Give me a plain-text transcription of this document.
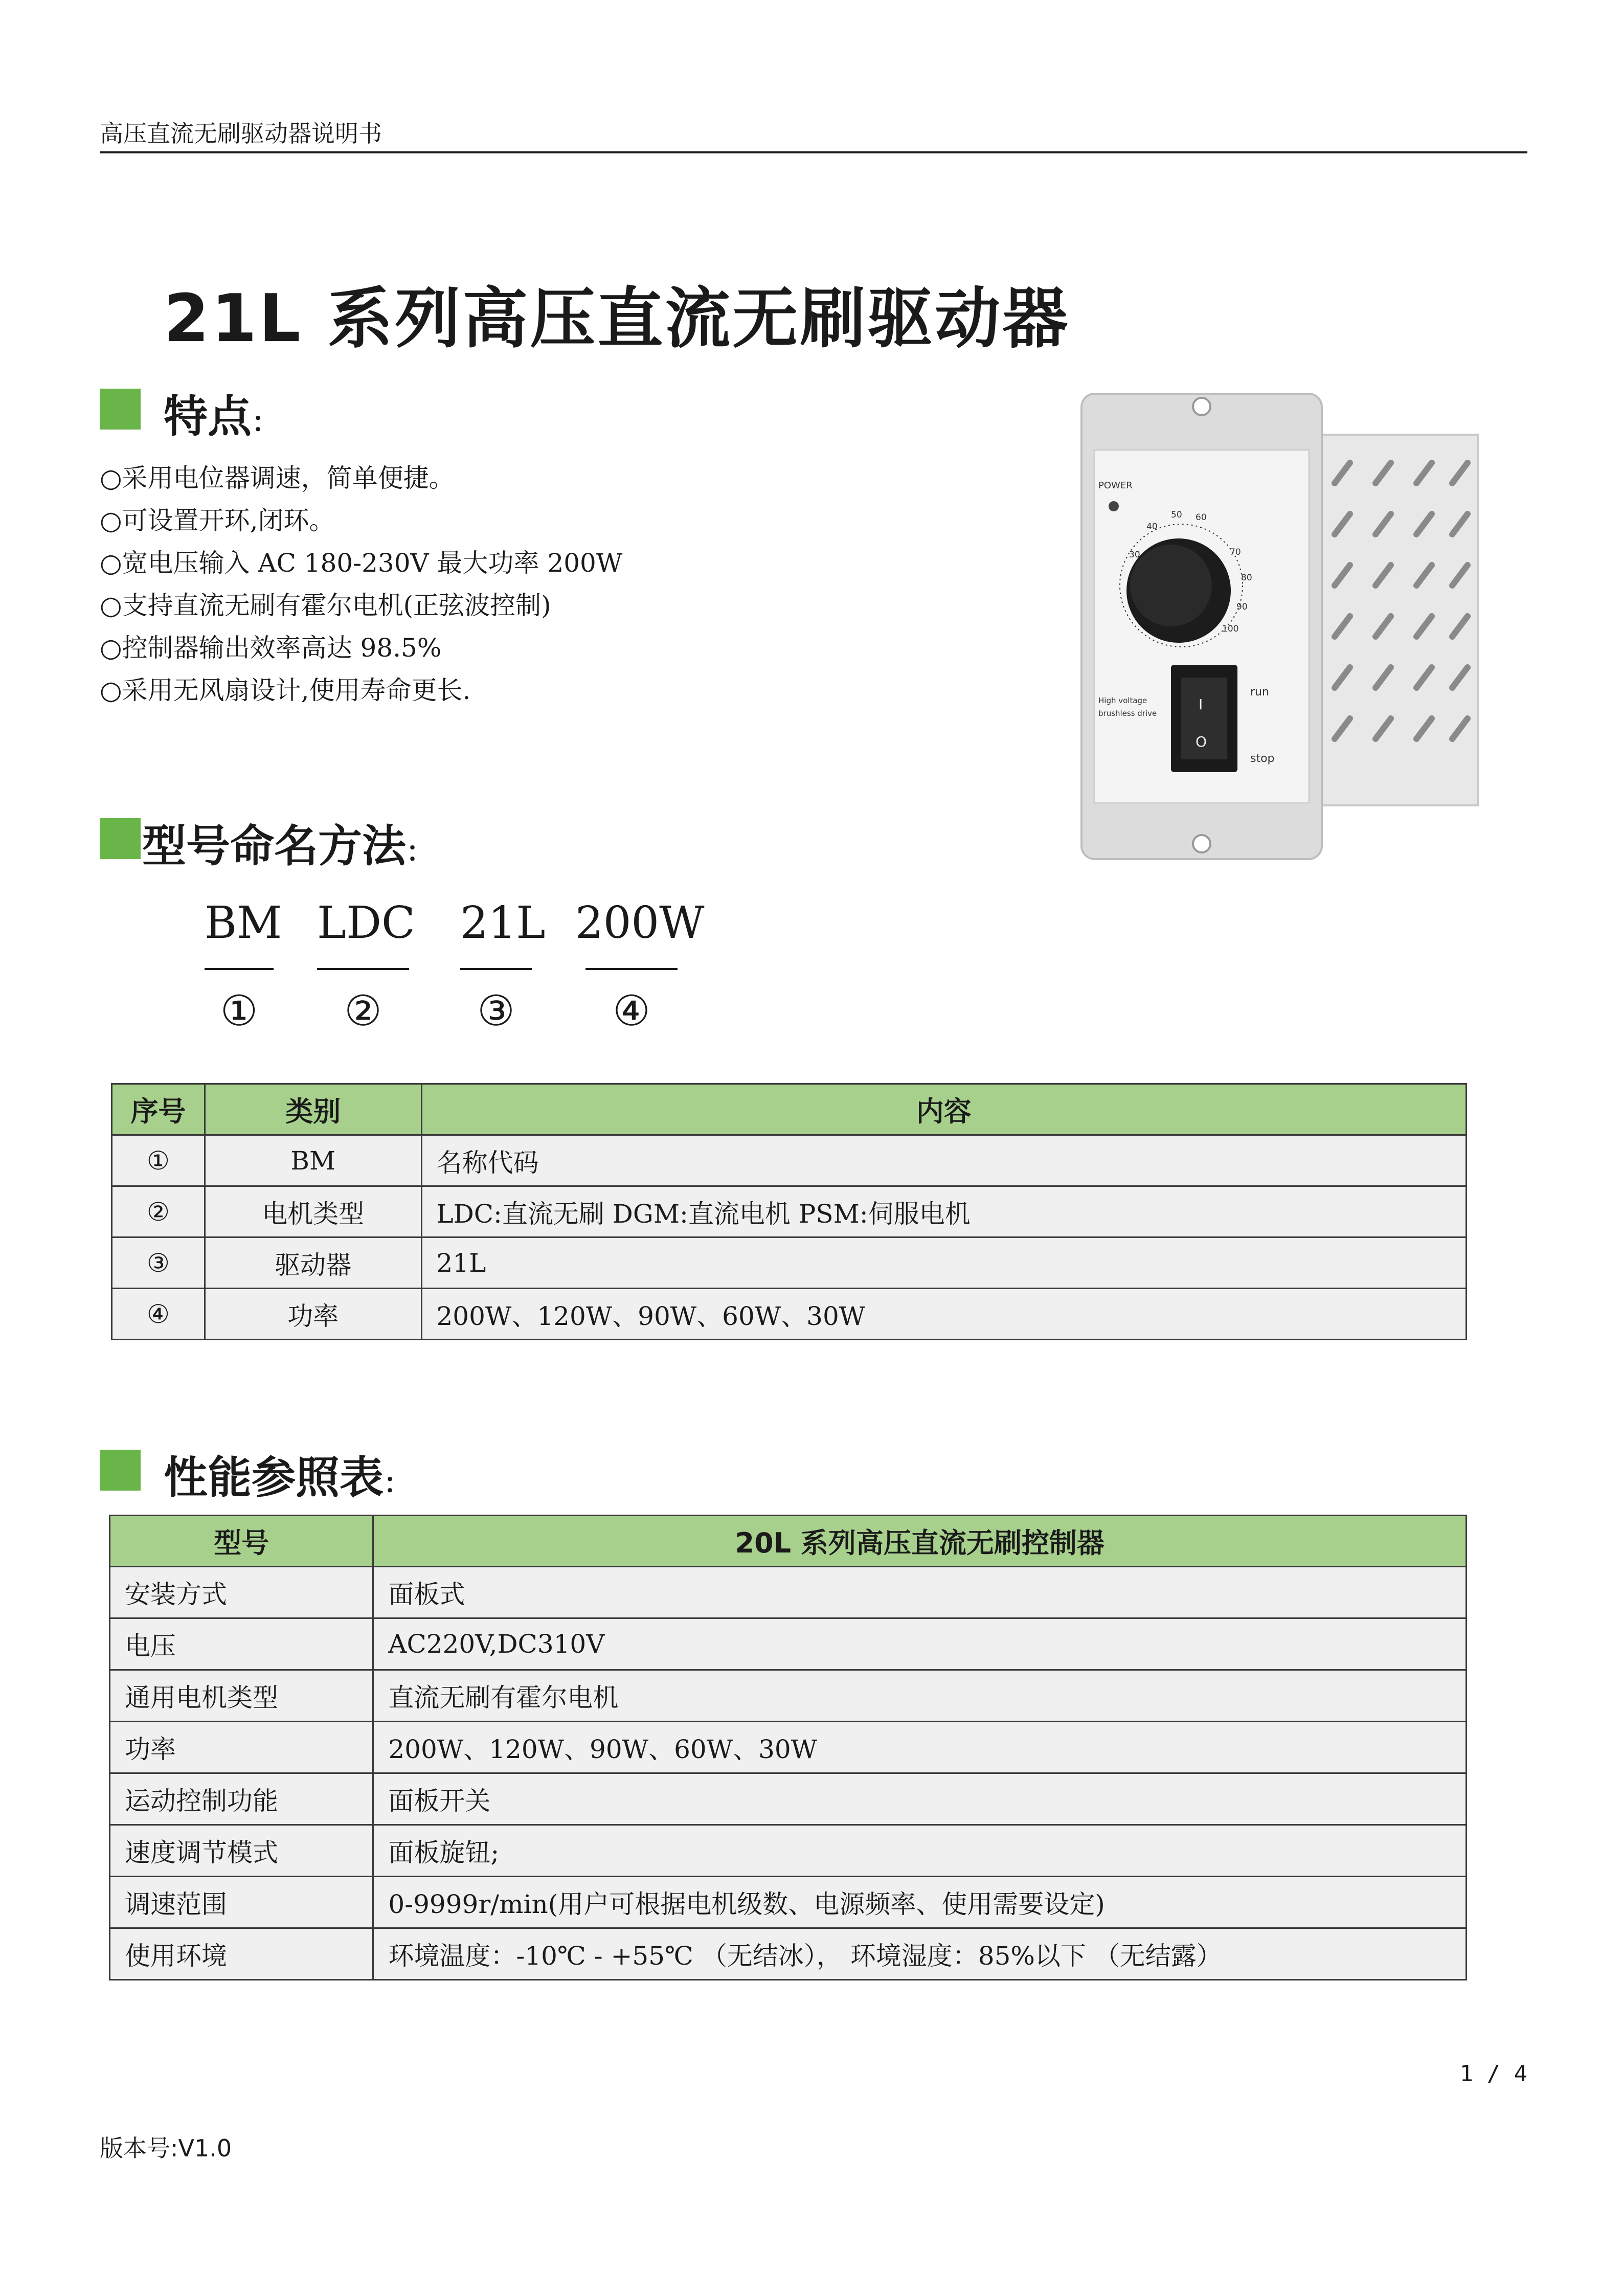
高压直流无刷驱动器说明书
21L 系列高压直流无刷驱动器
特点：
○采用电位器调速，简单便捷。
○可设置开环,闭环。
○宽电压输入 AC 180-230V 最大功率 200W
○支持直流无刷有霍尔电机(正弦波控制)
○控制器输出效率高达 98.5%
○采用无风扇设计,使用寿命更长.
POWER
30
40
50 60
70
80
90
100
run
stop
High voltage
brushless drive
I
O
型号命名方法：
BM LDC 21L 200W
①	②	③	④
序号	类别	内容
①	BM	名称代码
②	电机类型	LDC:直流无刷 DGM:直流电机 PSM:伺服电机
③	驱动器	21L
④	功率	200W、120W、90W、60W、30W
性能参照表：
型号	20L 系列高压直流无刷控制器
安装方式	面板式
电压	AC220V,DC310V
通用电机类型	直流无刷有霍尔电机
功率	200W、120W、90W、60W、30W
运动控制功能	面板开关
速度调节模式	面板旋钮;
调速范围	0-9999r/min(用户可根据电机级数、电源频率、使用需要设定)
使用环境	环境温度：-10℃ - +55℃ （无结冰）， 环境湿度：85%以下 （无结露）
1 / 4
版本号:V1.0
